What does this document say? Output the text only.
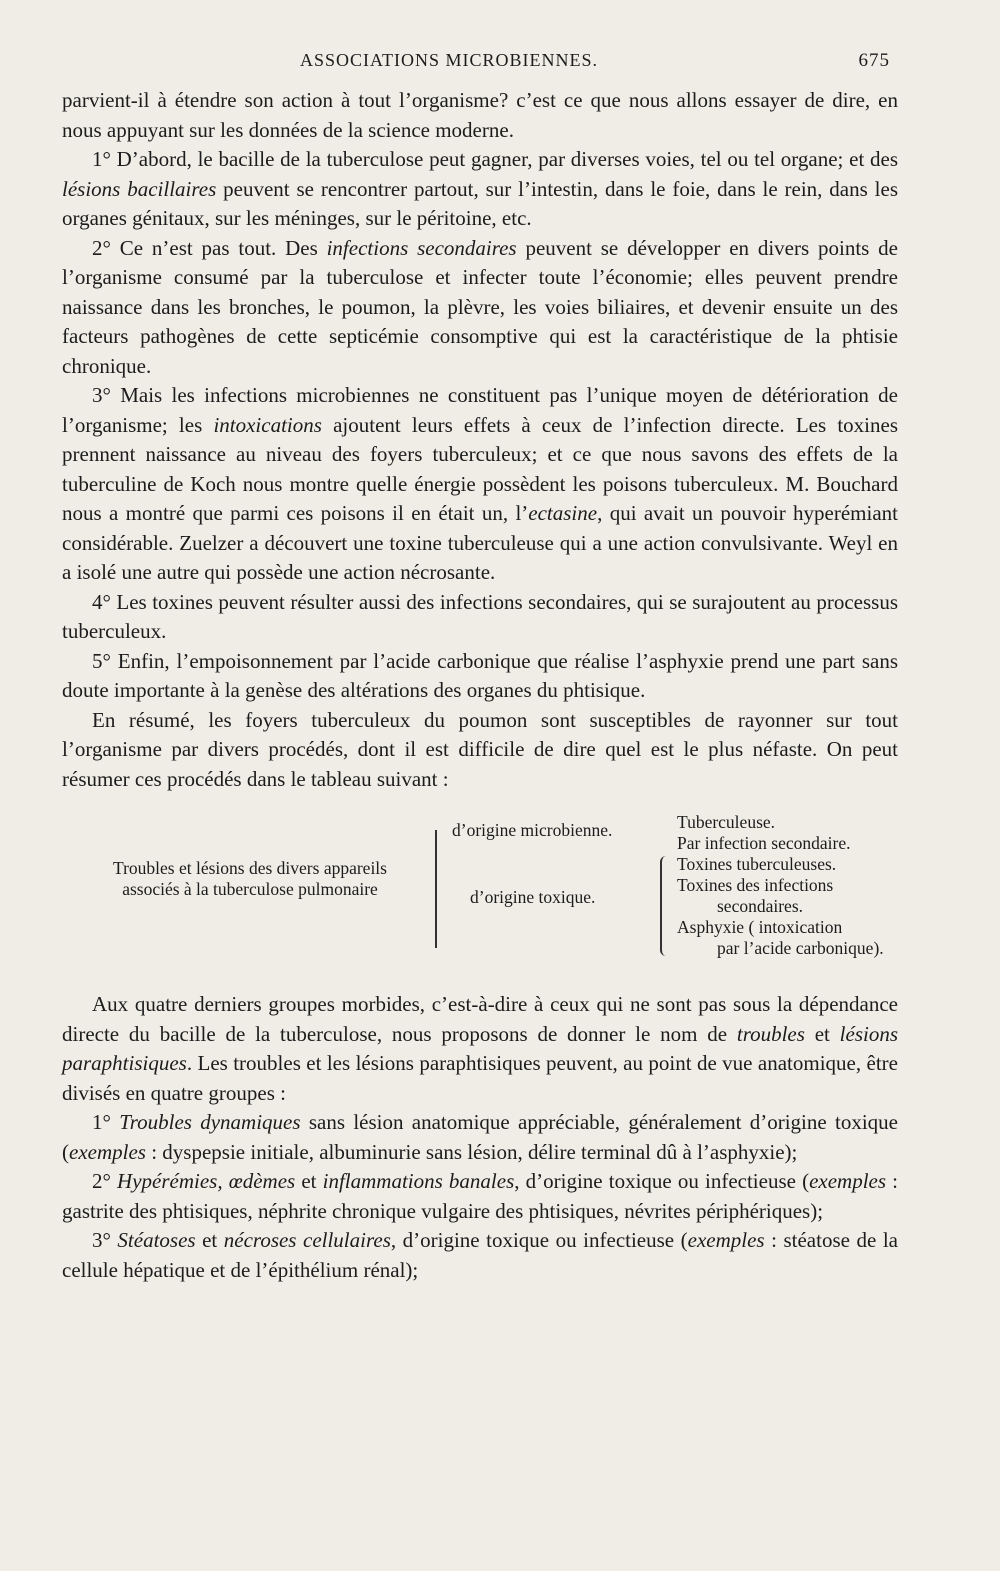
ASSOCIATIONS MICROBIENNES.	675

parvient-il à étendre son action à tout l’organisme? c’est ce que nous allons essayer de dire, en nous appuyant sur les données de la science moderne.

1° D’abord, le bacille de la tuberculose peut gagner, par diverses voies, tel ou tel organe; et des lésions bacillaires peuvent se rencontrer partout, sur l’intestin, dans le foie, dans le rein, dans les organes génitaux, sur les méninges, sur le péritoine, etc.

2° Ce n’est pas tout. Des infections secondaires peuvent se développer en divers points de l’organisme consumé par la tuberculose et infecter toute l’économie; elles peuvent prendre naissance dans les bronches, le poumon, la plèvre, les voies biliaires, et devenir ensuite un des facteurs pathogènes de cette septicémie consomptive qui est la caractéristique de la phtisie chronique.

3° Mais les infections microbiennes ne constituent pas l’unique moyen de détérioration de l’organisme; les intoxications ajoutent leurs effets à ceux de l’infection directe. Les toxines prennent naissance au niveau des foyers tuberculeux; et ce que nous savons des effets de la tuberculine de Koch nous montre quelle énergie possèdent les poisons tuberculeux. M. Bouchard nous a montré que parmi ces poisons il en était un, l’ectasine, qui avait un pouvoir hyperémiant considérable. Zuelzer a découvert une toxine tuberculeuse qui a une action convulsivante. Weyl en a isolé une autre qui possède une action nécrosante.

4° Les toxines peuvent résulter aussi des infections secondaires, qui se surajoutent au processus tuberculeux.

5° Enfin, l’empoisonnement par l’acide carbonique que réalise l’asphyxie prend une part sans doute importante à la genèse des altérations des organes du phtisique.

En résumé, les foyers tuberculeux du poumon sont susceptibles de rayonner sur tout l’organisme par divers procédés, dont il est difficile de dire quel est le plus néfaste. On peut résumer ces procédés dans le tableau suivant :

Troubles et lésions des divers appareils
associés à la tuberculose pulmonaire
d’origine microbienne.
d’origine toxique.
Tuberculeuse.
Par infection secondaire.
Toxines tuberculeuses.
Toxines des infections
secondaires.
Asphyxie ( intoxication
par l’acide carbonique).

Aux quatre derniers groupes morbides, c’est-à-dire à ceux qui ne sont pas sous la dépendance directe du bacille de la tuberculose, nous proposons de donner le nom de troubles et lésions paraphtisiques. Les troubles et les lésions paraphtisiques peuvent, au point de vue anatomique, être divisés en quatre groupes :

1° Troubles dynamiques sans lésion anatomique appréciable, généralement d’origine toxique (exemples : dyspepsie initiale, albuminurie sans lésion, délire terminal dû à l’asphyxie);

2° Hypérémies, œdèmes et inflammations banales, d’origine toxique ou infectieuse (exemples : gastrite des phtisiques, néphrite chronique vulgaire des phtisiques, névrites périphériques);

3° Stéatoses et nécroses cellulaires, d’origine toxique ou infectieuse (exemples : stéatose de la cellule hépatique et de l’épithélium rénal);
